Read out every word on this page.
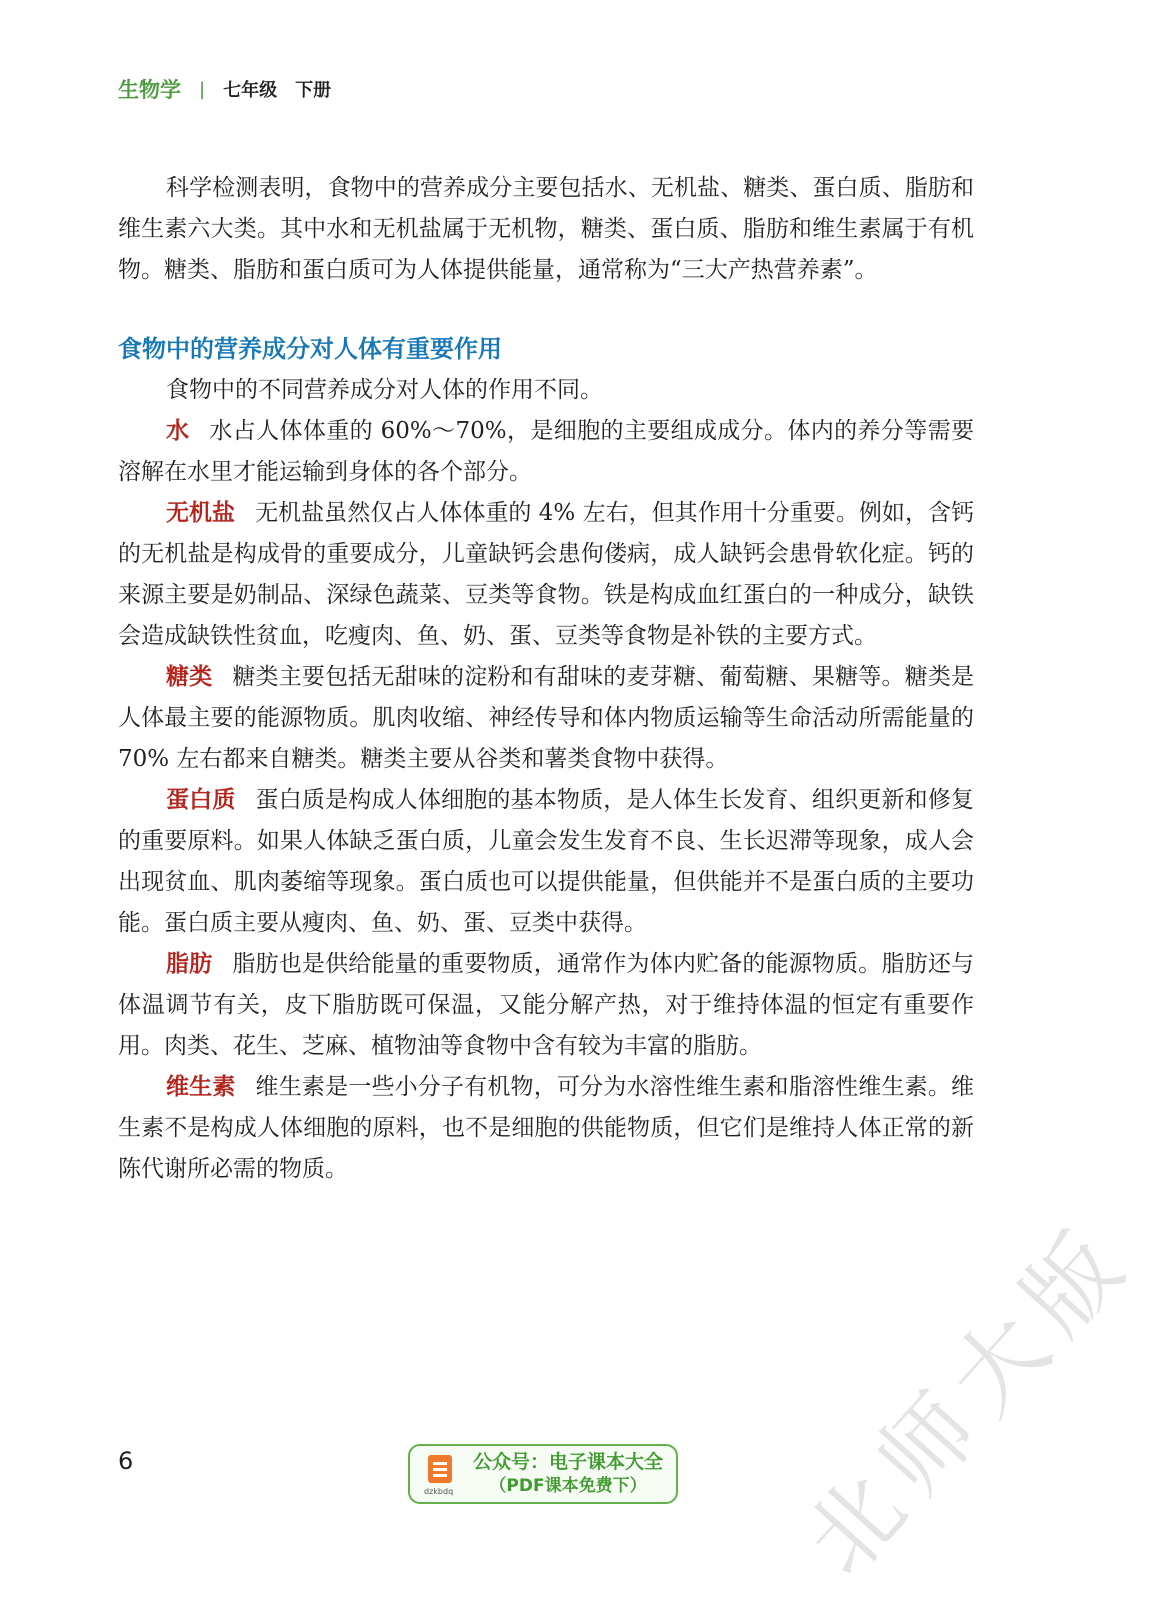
生物学 | 七年级 下册

科学检测表明，食物中的营养成分主要包括水、无机盐、糖类、蛋白质、脂肪和维生素六大类。其中水和无机盐属于无机物，糖类、蛋白质、脂肪和维生素属于有机物。糖类、脂肪和蛋白质可为人体提供能量，通常称为“三大产热营养素”。

食物中的营养成分对人体有重要作用

食物中的不同营养成分对人体的作用不同。

水 水占人体体重的 60%～70%，是细胞的主要组成成分。体内的养分等需要溶解在水里才能运输到身体的各个部分。

无机盐 无机盐虽然仅占人体体重的 4% 左右，但其作用十分重要。例如，含钙的无机盐是构成骨的重要成分，儿童缺钙会患佝偻病，成人缺钙会患骨软化症。钙的来源主要是奶制品、深绿色蔬菜、豆类等食物。铁是构成血红蛋白的一种成分，缺铁会造成缺铁性贫血，吃瘦肉、鱼、奶、蛋、豆类等食物是补铁的主要方式。

糖类 糖类主要包括无甜味的淀粉和有甜味的麦芽糖、葡萄糖、果糖等。糖类是人体最主要的能源物质。肌肉收缩、神经传导和体内物质运输等生命活动所需能量的 70% 左右都来自糖类。糖类主要从谷类和薯类食物中获得。

蛋白质 蛋白质是构成人体细胞的基本物质，是人体生长发育、组织更新和修复的重要原料。如果人体缺乏蛋白质，儿童会发生发育不良、生长迟滞等现象，成人会出现贫血、肌肉萎缩等现象。蛋白质也可以提供能量，但供能并不是蛋白质的主要功能。蛋白质主要从瘦肉、鱼、奶、蛋、豆类中获得。

脂肪 脂肪也是供给能量的重要物质，通常作为体内贮备的能源物质。脂肪还与体温调节有关，皮下脂肪既可保温，又能分解产热，对于维持体温的恒定有重要作用。肉类、花生、芝麻、植物油等食物中含有较为丰富的脂肪。

维生素 维生素是一些小分子有机物，可分为水溶性维生素和脂溶性维生素。维生素不是构成人体细胞的原料，也不是细胞的供能物质，但它们是维持人体正常的新陈代谢所必需的物质。

北师大版
6
dzkbdq
公众号：电子课本大全
（PDF课本免费下）
